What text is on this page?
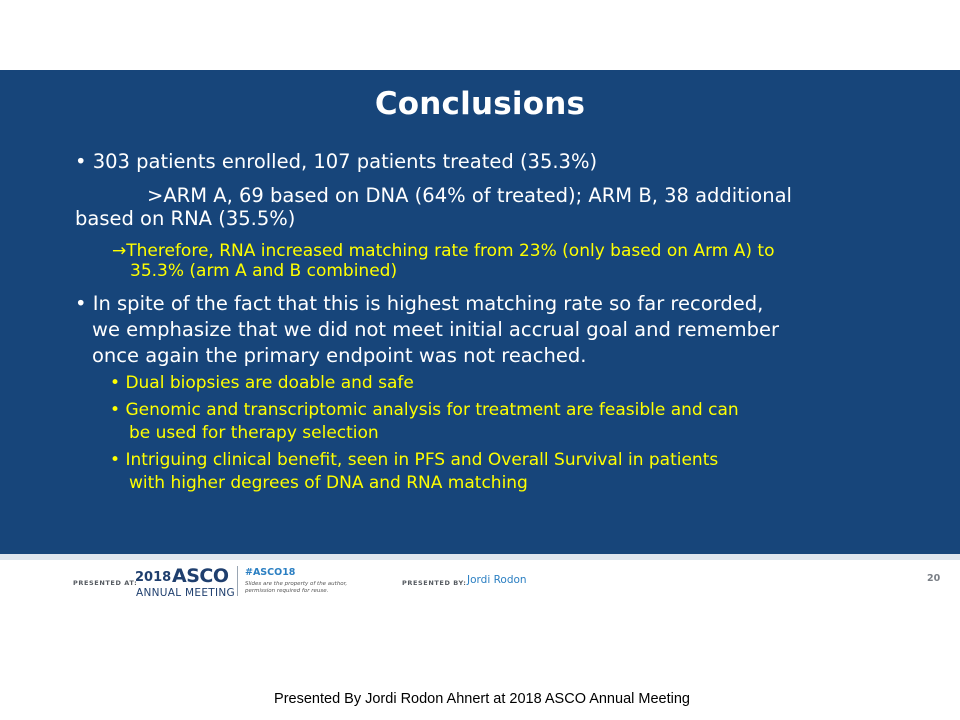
Conclusions
• 303 patients enrolled, 107 patients treated (35.3%)
>ARM A, 69 based on DNA (64% of treated); ARM B, 38 additional
based on RNA (35.5%)
→Therefore, RNA increased matching rate from 23% (only based on Arm A) to
35.3% (arm A and B combined)
• In spite of the fact that this is highest matching rate so far recorded,
we emphasize that we did not meet initial accrual goal and remember
once again the primary endpoint was not reached.
• Dual biopsies are doable and safe
• Genomic and transcriptomic analysis for treatment are feasible and can
be used for therapy selection
• Intriguing clinical benefit, seen in PFS and Overall Survival in patients
with higher degrees of DNA and RNA matching
PRESENTED AT:
2018 ASCO
ANNUAL MEETING
#ASCO18
Slides are the property of the author,
permission required for reuse.
PRESENTED BY: Jordi Rodon	20
Presented By Jordi Rodon Ahnert at 2018 ASCO Annual Meeting
